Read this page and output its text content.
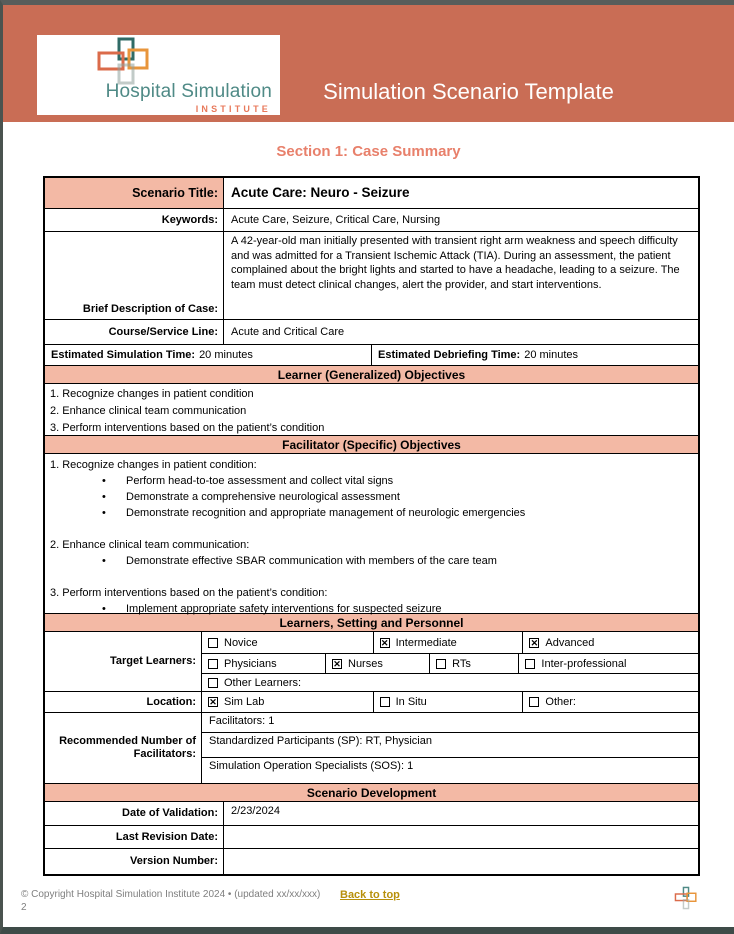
Hospital Simulation
INSTITUTE
Simulation Scenario Template
Section 1: Case Summary
Scenario Title: Acute Care: Neuro - Seizure
Keywords:	Acute Care, Seizure, Critical Care, Nursing
Brief Description of Case:
A 42-year-old man initially presented with transient right arm weakness and speech difficulty and was admitted for a Transient Ischemic Attack (TIA). During an assessment, the patient complained about the bright lights and started to have a headache, leading to a seizure. The team must detect clinical changes, alert the provider, and start interventions.
Course/Service Line:	Acute and Critical Care
Estimated Simulation Time: 20 minutes	Estimated Debriefing Time: 20 minutes
Learner (Generalized) Objectives
1. Recognize changes in patient condition
2. Enhance clinical team communication
3. Perform interventions based on the patient’s condition
Facilitator (Specific) Objectives
1. Recognize changes in patient condition:
• Perform head-to-toe assessment and collect vital signs
• Demonstrate a comprehensive neurological assessment
• Demonstrate recognition and appropriate management of neurologic emergencies
2. Enhance clinical team communication:
• Demonstrate effective SBAR communication with members of the care team
3. Perform interventions based on the patient’s condition:
• Implement appropriate safety interventions for suspected seizure
Learners, Setting and Personnel
Target Learners:
Novice	✕ Intermediate	✕ Advanced
Physicians	✕ Nurses	RTs	Inter-professional
Other Learners:
Location:	✕ Sim Lab	In Situ	Other:
Recommended Number of Facilitators:
Facilitators: 1
Standardized Participants (SP): RT, Physician
Simulation Operation Specialists (SOS): 1
Scenario Development
Date of Validation:	2/23/2024
Last Revision Date:
Version Number:
© Copyright Hospital Simulation Institute 2024 • (updated xx/xx/xxx)
2
Back to top
